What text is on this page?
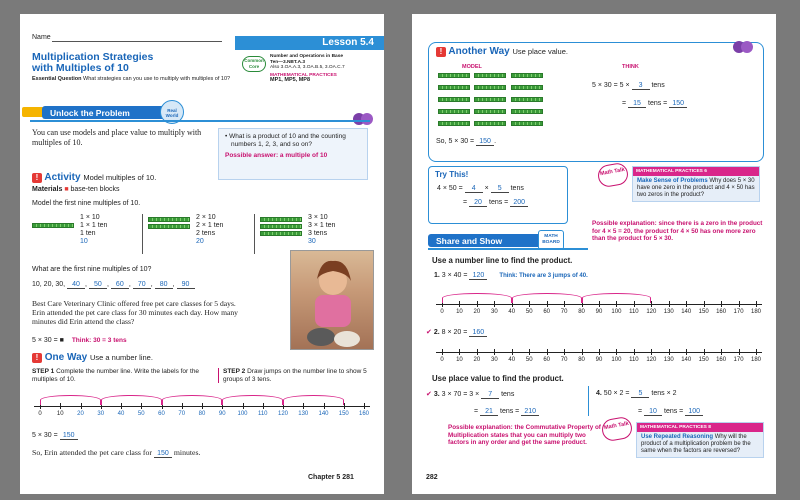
Name	Lesson 5.4
Multiplication Strategies
with Multiples of 10
Essential Question What strategies can you use to multiply with multiples of 10?
Common
Core
Number and Operations in Base
Ten—3.NBT.A.3
Also 3.OA.A.3, 3.OA.B.5, 3.OA.C.7
MATHEMATICAL PRACTICES
MP1, MP5, MP8
Unlock the Problem	Real World
You can use models and place value to multiply with multiples of 10.
• What is a product of 10 and the counting numbers 1, 2, 3, and so on?
Possible answer: a multiple of 10
! Activity Model multiples of 10.
Materials ■ base-ten blocks
Model the first nine multiples of 10.
1 × 10
1 × 1 ten
1 ten
10

2 × 10
2 × 1 ten
2 tens
20

3 × 10
3 × 1 ten
3 tens
30
What are the first nine multiples of 10?
10, 20, 30, 40 , 50 , 60 , 70 , 80 , 90
Best Care Veterinary Clinic offered free pet care classes for 5 days. Erin attended the pet care class for 30 minutes each day. How many minutes did Erin attend the class?
5 × 30 = ■ Think: 30 = 3 tens
! One Way Use a number line.
STEP 1 Complete the number line. Write the labels for the multiples of 10.
STEP 2 Draw jumps on the number line to show 5 groups of 3 tens.
0	10	20	30	40	50	60	70	80	90	100	110	120	130	140	150	160
5 × 30 = 150
So, Erin attended the pet care class for 150 minutes.
Chapter 5 281
! Another Way Use place value.
MODEL	THINK

5 × 30 = 5 × 3 tens
= 15 tens = 150
So, 5 × 30 = 150 .
Try This!
4 × 50 = 4 × 5 tens
= 20 tens = 200
Math Talk	MATHEMATICAL PRACTICES 6
Make Sense of Problems Why does 5 × 30 have one zero in the product and 4 × 50 has two zeros in the product?
Possible explanation: since there is a zero in the product for 4 × 5 = 20, the product for 4 × 50 has one more zero than the product for 5 × 30.
Share and Show	MATH BOARD
Use a number line to find the product.
1. 3 × 40 = 120	Think: There are 3 jumps of 40.
0	10	20	30	40	50	60	70	80	90	100	110	120	130	140	150	160	170	180
✔ 2. 8 × 20 = 160
0	10	20	30	40	50	60	70	80	90	100	110	120	130	140	150	160	170	180
Use place value to find the product.
✔ 3. 3 × 70 = 3 × 7 tens
= 21 tens = 210
4. 50 × 2 = 5 tens × 2
= 10 tens = 100
Possible explanation: the Commutative Property of Multiplication states that you can multiply two factors in any order and get the same product.
Math Talk	MATHEMATICAL PRACTICES 8
Use Repeated Reasoning Why will the product of a multiplication problem be the same when the factors are reversed?
282
